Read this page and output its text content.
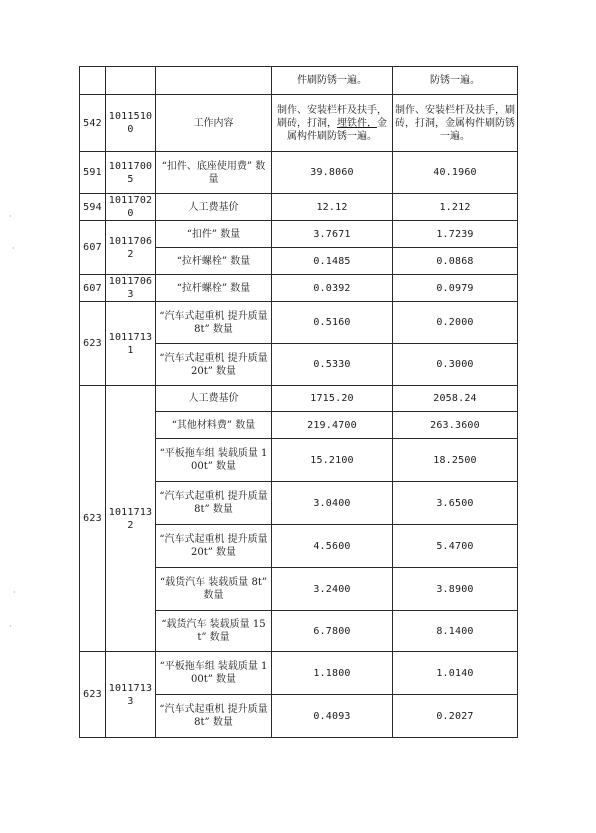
·
·
·
·
			件刷防锈一遍。	防锈一遍。
542	10115100	工作内容	制作、安装栏杆及扶手，刷砖，打洞，埋铁件，金属构件刷防锈一遍。	制作、安装栏杆及扶手，刷砖，打洞，金属构件刷防锈一遍。
591	10117005	“扣件、底座使用费” 数量	39.8060	40.1960
594	10117020	人工费基价	12.12	1.212
607	10117062	“扣件” 数量	3.7671	1.7239
		“拉杆螺栓” 数量	0.1485	0.0868
607	10117063	“拉杆螺栓” 数量	0.0392	0.0979
623	10117131	“汽车式起重机 提升质量 8t” 数量	0.5160	0.2000
		“汽车式起重机 提升质量 20t” 数量	0.5330	0.3000
623	10117132	人工费基价	1715.20	2058.24
		“其他材料费” 数量	219.4700	263.3600
		“平板拖车组 装载质量 100t” 数量	15.2100	18.2500
		“汽车式起重机 提升质量 8t” 数量	3.0400	3.6500
		“汽车式起重机 提升质量 20t” 数量	4.5600	5.4700
		“载货汽车 装载质量 8t” 数量	3.2400	3.8900
		“载货汽车 装载质量 15t” 数量	6.7800	8.1400
623	10117133	“平板拖车组 装载质量 100t” 数量	1.1800	1.0140
		“汽车式起重机 提升质量 8t” 数量	0.4093	0.2027
